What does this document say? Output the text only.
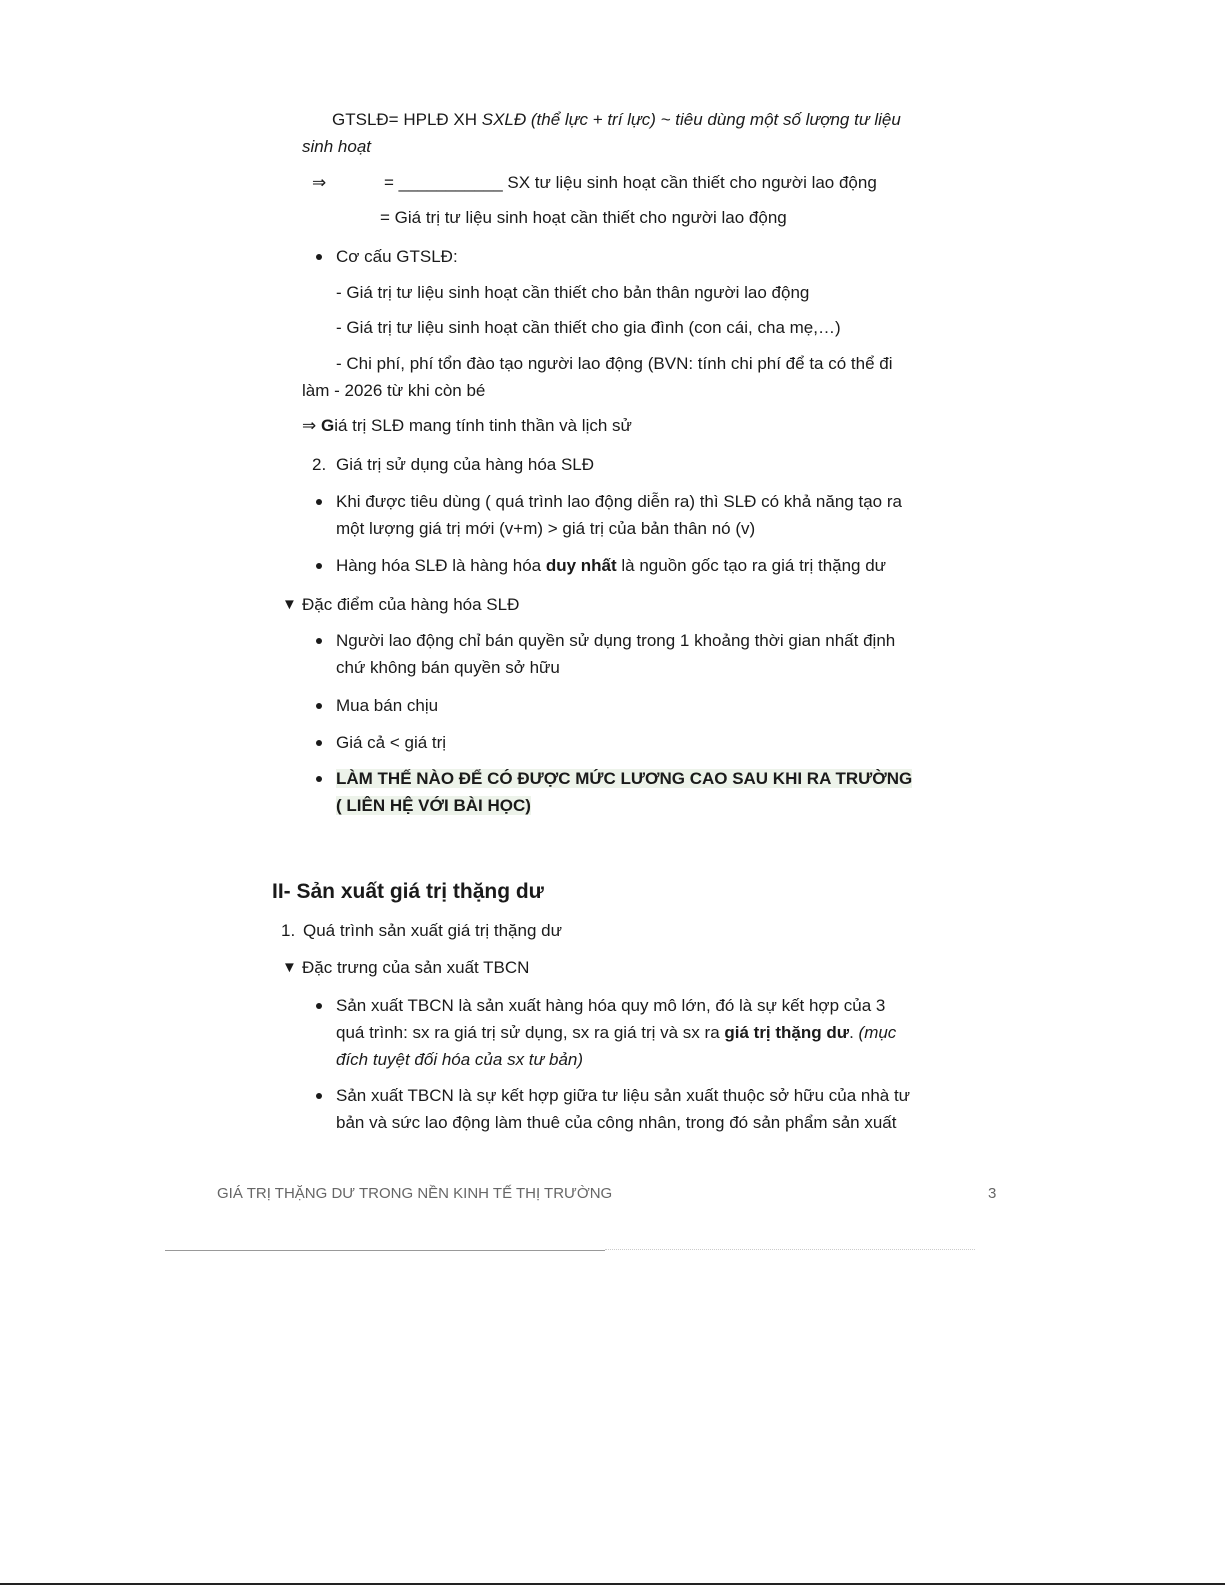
GTSLĐ= HPLĐ XH SXLĐ (thể lực + trí lực) ~ tiêu dùng một số lượng tư liệu
sinh hoạt
⇒	= ___________ SX tư liệu sinh hoạt cần thiết cho người lao động
= Giá trị tư liệu sinh hoạt cần thiết cho người lao động
Cơ cấu GTSLĐ:
- Giá trị tư liệu sinh hoạt cần thiết cho bản thân người lao động
- Giá trị tư liệu sinh hoạt cần thiết cho gia đình (con cái, cha mẹ,…)
- Chi phí, phí tổn đào tạo người lao động (BVN: tính chi phí để ta có thể đi
làm - 2026 từ khi còn bé
⇒ Giá trị SLĐ mang tính tinh thần và lịch sử
2. Giá trị sử dụng của hàng hóa SLĐ
Khi được tiêu dùng ( quá trình lao động diễn ra) thì SLĐ có khả năng tạo ra
một lượng giá trị mới (v+m) > giá trị của bản thân nó (v)
Hàng hóa SLĐ là hàng hóa duy nhất là nguồn gốc tạo ra giá trị thặng dư
▼ Đặc điểm của hàng hóa SLĐ
Người lao động chỉ bán quyền sử dụng trong 1 khoảng thời gian nhất định
chứ không bán quyền sở hữu
Mua bán chịu
Giá cả < giá trị
LÀM THẾ NÀO ĐỂ CÓ ĐƯỢC MỨC LƯƠNG CAO SAU KHI RA TRƯỜNG
( LIÊN HỆ VỚI BÀI HỌC)
II- Sản xuất giá trị thặng dư
1. Quá trình sản xuất giá trị thặng dư
▼ Đặc trưng của sản xuất TBCN
Sản xuất TBCN là sản xuất hàng hóa quy mô lớn, đó là sự kết hợp của 3
quá trình: sx ra giá trị sử dụng, sx ra giá trị và sx ra giá trị thặng dư. (mục
đích tuyệt đối hóa của sx tư bản)
Sản xuất TBCN là sự kết hợp giữa tư liệu sản xuất thuộc sở hữu của nhà tư
bản và sức lao động làm thuê của công nhân, trong đó sản phẩm sản xuất
GIÁ TRỊ THẶNG DƯ TRONG NỀN KINH TẾ THỊ TRƯỜNG	3
